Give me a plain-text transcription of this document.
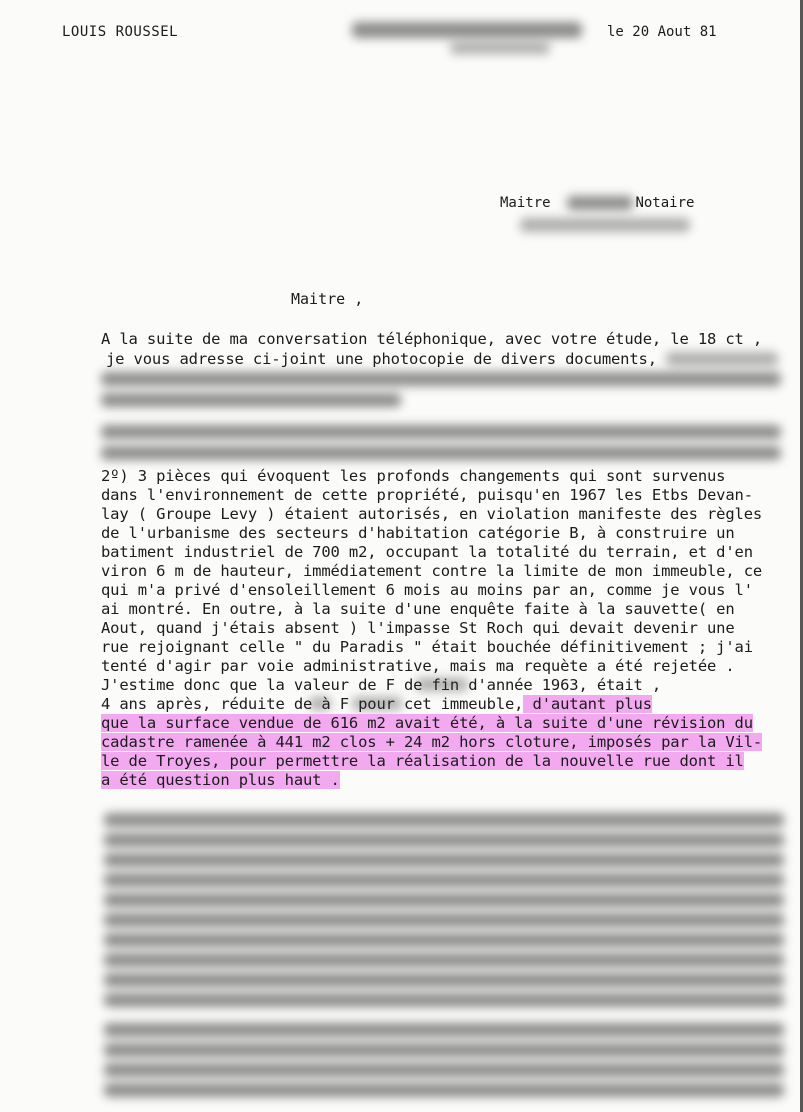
LOUIS ROUSSEL	le 20 Aout 81
Maitre	Notaire
Maitre ,
A la suite de ma conversation téléphonique, avec votre étude, le 18 ct ,
je vous adresse ci-joint une photocopie de divers documents,
2º) 3 pièces qui évoquent les profonds changements qui sont survenus
dans l'environnement de cette propriété, puisqu'en 1967 les Etbs Devan-
lay ( Groupe Levy ) étaient autorisés, en violation manifeste des règles
de l'urbanisme des secteurs d'habitation catégorie B, à construire un
batiment industriel de 700 m2, occupant la totalité du terrain, et d'en
viron 6 m de hauteur, immédiatement contre la limite de mon immeuble, ce
qui m'a privé d'ensoleillement 6 mois au moins par an, comme je vous l'
ai montré. En outre, à la suite d'une enquête faite à la sauvette( en
Aout, quand j'étais absent ) l'impasse St Roch qui devait devenir une
rue rejoignant celle " du Paradis " était bouchée définitivement ; j'ai
tenté d'agir par voie administrative, mais ma requète a été rejetée .
J'estime donc que la valeur de F de fin d'année 1963, était ,
4 ans après, réduite de à F pour cet immeuble, d'autant plus
que la surface vendue de 616 m2 avait été, à la suite d'une révision du
cadastre ramenée à 441 m2 clos + 24 m2 hors cloture, imposés par la Vil-
le de Troyes, pour permettre la réalisation de la nouvelle rue dont il
a été question plus haut .
